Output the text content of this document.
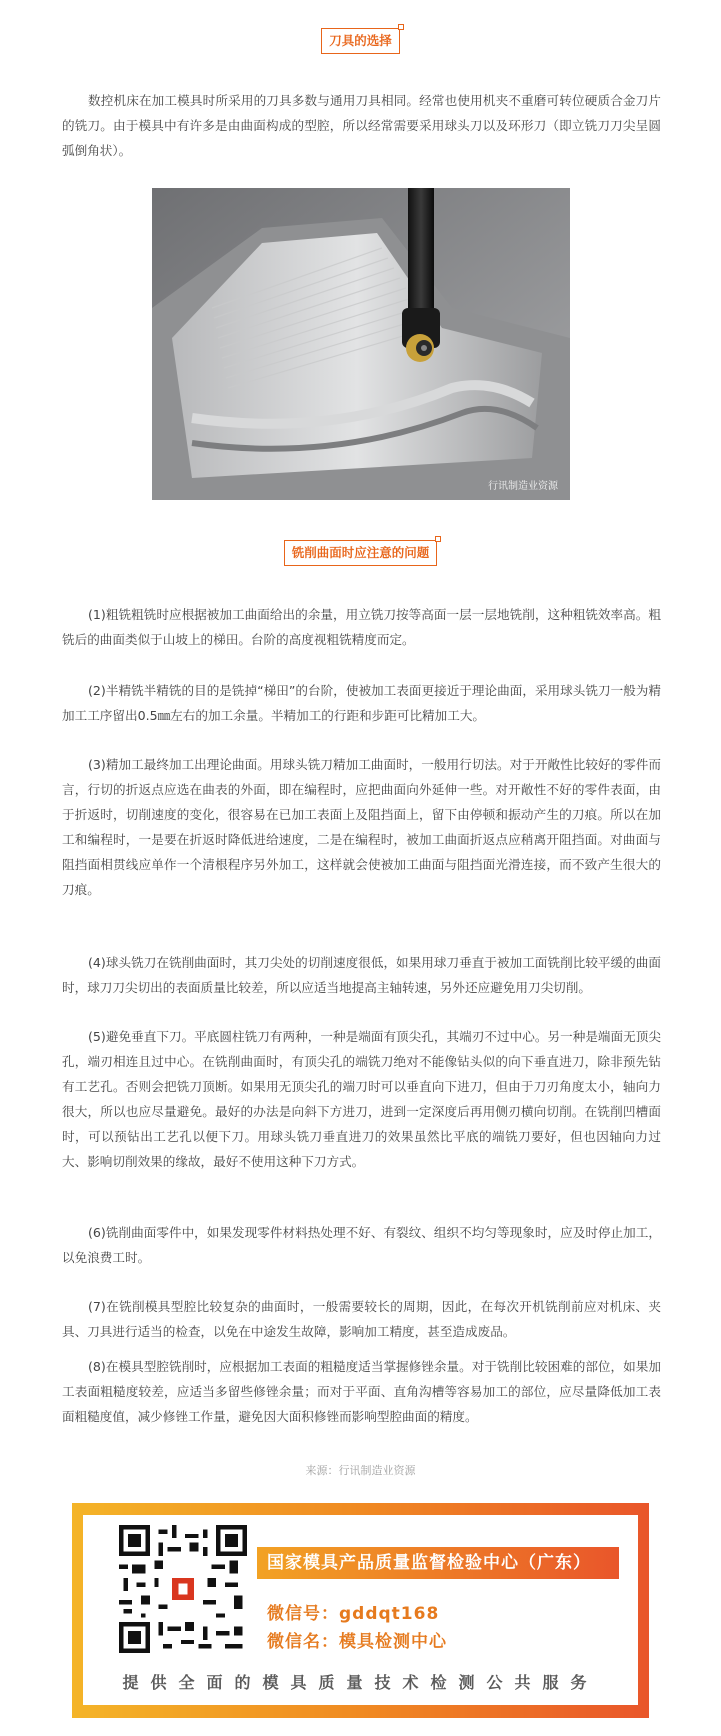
刀具的选择

数控机床在加工模具时所采用的刀具多数与通用刀具相同。经常也使用机夹不重磨可转位硬质合金刀片的铣刀。由于模具中有许多是由曲面构成的型腔，所以经常需要采用球头刀以及环形刀（即立铣刀刀尖呈圆弧倒角状）。

行讯制造业资源
铣削曲面时应注意的问题

(1)粗铣粗铣时应根据被加工曲面给出的余量，用立铣刀按等高面一层一层地铣削，这种粗铣效率高。粗铣后的曲面类似于山坡上的梯田。台阶的高度视粗铣精度而定。

(2)半精铣半精铣的目的是铣掉“梯田”的台阶，使被加工表面更接近于理论曲面，采用球头铣刀一般为精加工工序留出0.5㎜左右的加工余量。半精加工的行距和步距可比精加工大。

(3)精加工最终加工出理论曲面。用球头铣刀精加工曲面时，一般用行切法。对于开敞性比较好的零件而言，行切的折返点应选在曲表的外面，即在编程时，应把曲面向外延伸一些。对开敞性不好的零件表面，由于折返时，切削速度的变化，很容易在已加工表面上及阻挡面上，留下由停顿和振动产生的刀痕。所以在加工和编程时，一是要在折返时降低进给速度，二是在编程时，被加工曲面折返点应稍离开阻挡面。对曲面与阻挡面相贯线应单作一个清根程序另外加工，这样就会使被加工曲面与阻挡面光滑连接，而不致产生很大的刀痕。

(4)球头铣刀在铣削曲面时，其刀尖处的切削速度很低，如果用球刀垂直于被加工面铣削比较平缓的曲面时，球刀刀尖切出的表面质量比较差，所以应适当地提高主轴转速，另外还应避免用刀尖切削。

(5)避免垂直下刀。平底圆柱铣刀有两种，一种是端面有顶尖孔，其端刃不过中心。另一种是端面无顶尖孔，端刃相连且过中心。在铣削曲面时，有顶尖孔的端铣刀绝对不能像钻头似的向下垂直进刀，除非预先钻有工艺孔。否则会把铣刀顶断。如果用无顶尖孔的端刀时可以垂直向下进刀，但由于刀刃角度太小，轴向力很大，所以也应尽量避免。最好的办法是向斜下方进刀，进到一定深度后再用侧刃横向切削。在铣削凹槽面时，可以预钻出工艺孔以便下刀。用球头铣刀垂直进刀的效果虽然比平底的端铣刀要好，但也因轴向力过大、影响切削效果的缘故，最好不使用这种下刀方式。

(6)铣削曲面零件中，如果发现零件材料热处理不好、有裂纹、组织不均匀等现象时，应及时停止加工，以免浪费工时。

(7)在铣削模具型腔比较复杂的曲面时，一般需要较长的周期，因此，在每次开机铣削前应对机床、夹具、刀具进行适当的检查，以免在中途发生故障，影响加工精度，甚至造成废品。

(8)在模具型腔铣削时，应根据加工表面的粗糙度适当掌握修锉余量。对于铣削比较困难的部位，如果加工表面粗糙度较差，应适当多留些修锉余量；而对于平面、直角沟槽等容易加工的部位，应尽量降低加工表面粗糙度值，减少修锉工作量，避免因大面积修锉而影响型腔曲面的精度。

来源：行讯制造业资源
国家模具产品质量监督检验中心（广东）
微信号：gddqt168
微信名：模具检测中心
提供全面的模具质量技术检测公共服务
